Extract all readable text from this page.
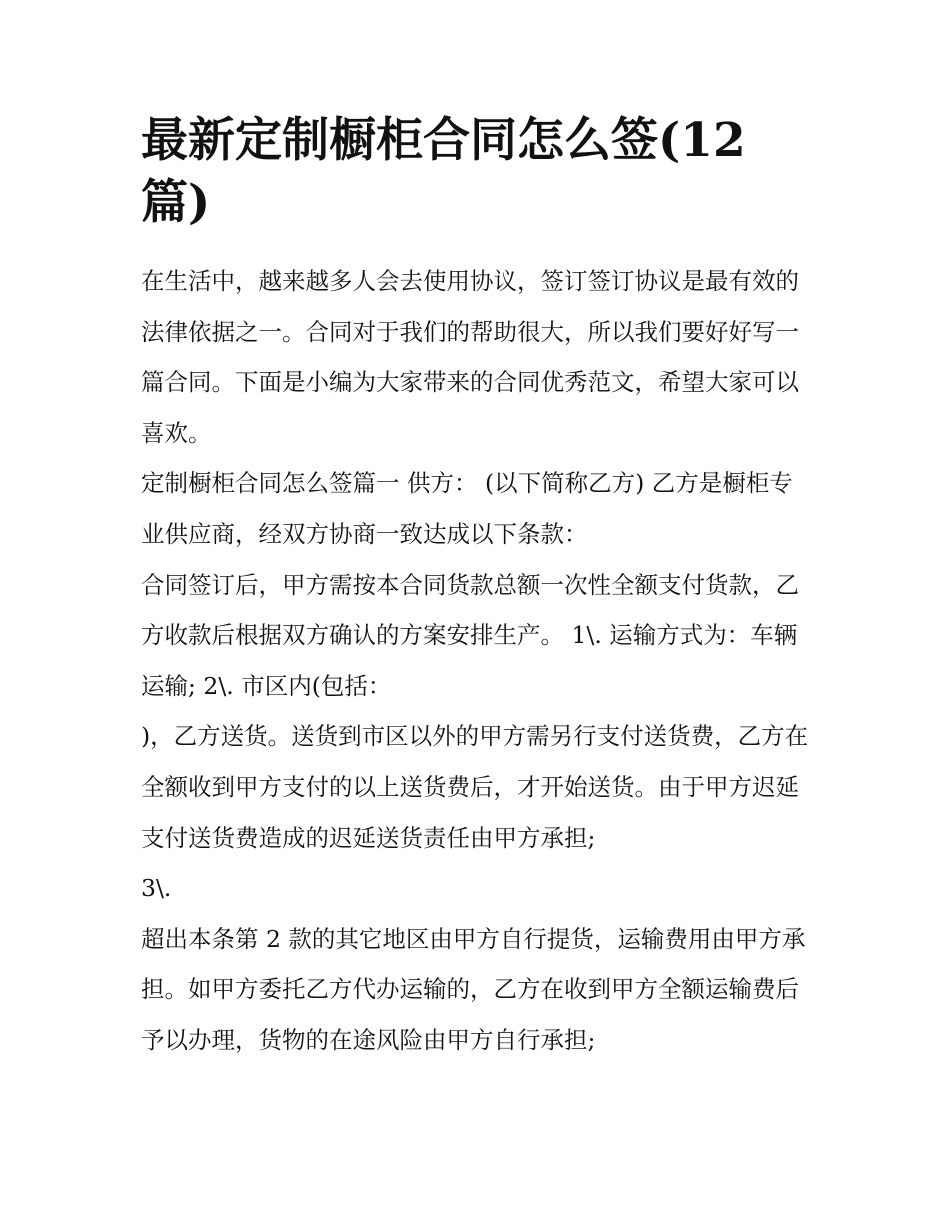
最新定制橱柜合同怎么签(12篇)

在生活中，越来越多人会去使用协议，签订签订协议是最有效的法律依据之一。合同对于我们的帮助很大，所以我们要好好写一篇合同。下面是小编为大家带来的合同优秀范文，希望大家可以喜欢。

定制橱柜合同怎么签篇一 供方： (以下简称乙方) 乙方是橱柜专业供应商，经双方协商一致达成以下条款：

合同签订后，甲方需按本合同货款总额一次性全额支付货款，乙方收款后根据双方确认的方案安排生产。 1\. 运输方式为：车辆运输; 2\. 市区内(包括：

)，乙方送货。送货到市区以外的甲方需另行支付送货费，乙方在全额收到甲方支付的以上送货费后，才开始送货。由于甲方迟延支付送货费造成的迟延送货责任由甲方承担;

3\.

超出本条第 2 款的其它地区由甲方自行提货，运输费用由甲方承担。如甲方委托乙方代办运输的，乙方在收到甲方全额运输费后予以办理，货物的在途风险由甲方自行承担;
